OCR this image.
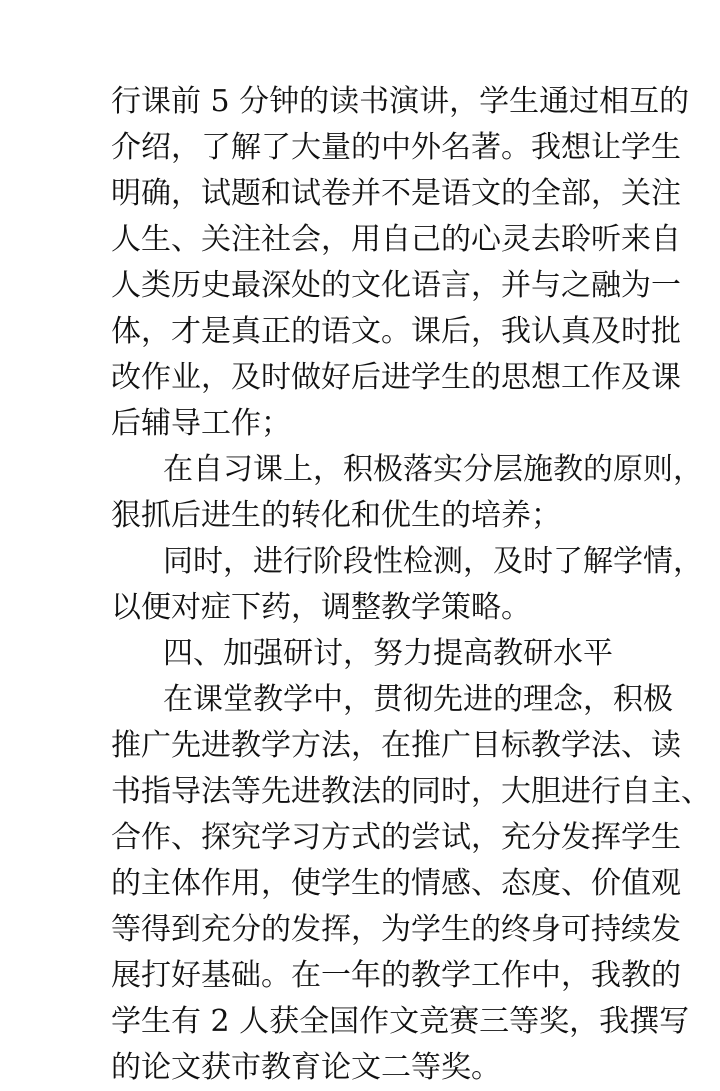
行课前 5 分钟的读书演讲，学生通过相互的
介绍，了解了大量的中外名著。我想让学生
明确，试题和试卷并不是语文的全部，关注
人生、关注社会，用自己的心灵去聆听来自
人类历史最深处的文化语言，并与之融为一
体，才是真正的语文。课后，我认真及时批
改作业，及时做好后进学生的思想工作及课
后辅导工作；
在自习课上，积极落实分层施教的原则，
狠抓后进生的转化和优生的培养；
同时，进行阶段性检测，及时了解学情，
以便对症下药，调整教学策略。
四、加强研讨，努力提高教研水平
在课堂教学中，贯彻先进的理念，积极
推广先进教学方法，在推广目标教学法、读
书指导法等先进教法的同时，大胆进行自主、
合作、探究学习方式的尝试，充分发挥学生
的主体作用，使学生的情感、态度、价值观
等得到充分的发挥，为学生的终身可持续发
展打好基础。在一年的教学工作中，我教的
学生有 2 人获全国作文竞赛三等奖，我撰写
的论文获市教育论文二等奖。
